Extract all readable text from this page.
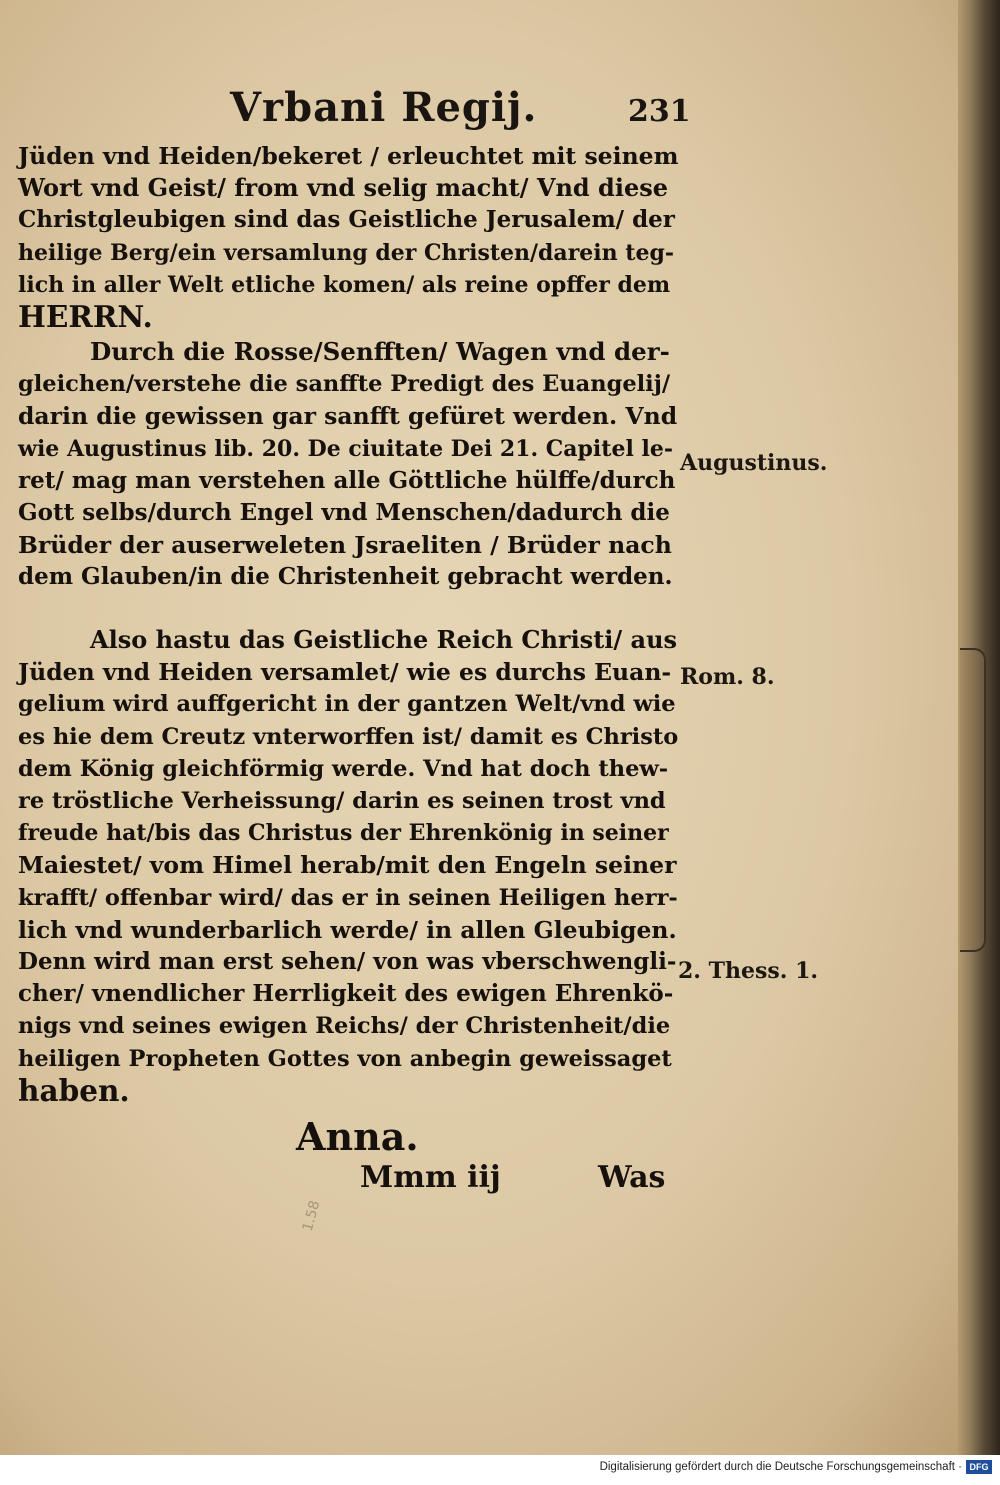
Vrbani Regij.	231
Jüden vnd Heiden/bekeret / erleuchtet mit seinem
Wort vnd Geist/ from vnd selig macht/ Vnd diese
Christgleubigen sind das Geistliche Jerusalem/ der
heilige Berg/ein versamlung der Christen/darein teg-
lich in aller Welt etliche komen/ als reine opffer dem
HERRN.
Durch die Rosse/Senfften/ Wagen vnd der-
gleichen/verstehe die sanffte Predigt des Euangelij/
darin die gewissen gar sanfft gefüret werden. Vnd
wie Augustinus lib. 20. De ciuitate Dei 21. Capitel le-
ret/ mag man verstehen alle Göttliche hülffe/durch
Gott selbs/durch Engel vnd Menschen/dadurch die
Brüder der auserweleten Jsraeliten / Brüder nach
dem Glauben/in die Christenheit gebracht werden.
Also hastu das Geistliche Reich Christi/ aus
Jüden vnd Heiden versamlet/ wie es durchs Euan-
gelium wird auffgericht in der gantzen Welt/vnd wie
es hie dem Creutz vnterworffen ist/ damit es Christo
dem König gleichförmig werde. Vnd hat doch thew-
re tröstliche Verheissung/ darin es seinen trost vnd
freude hat/bis das Christus der Ehrenkönig in seiner
Maiestet/ vom Himel herab/mit den Engeln seiner
krafft/ offenbar wird/ das er in seinen Heiligen herr-
lich vnd wunderbarlich werde/ in allen Gleubigen.
Denn wird man erst sehen/ von was vberschwengli-
cher/ vnendlicher Herrligkeit des ewigen Ehrenkö-
nigs vnd seines ewigen Reichs/ der Christenheit/die
heiligen Propheten Gottes von anbegin geweissaget
haben.
Augustinus.
Rom. 8.
2. Thess. 1.
Anna.
Mmm iij	Was
1.58
Digitalisierung gefördert durch die Deutsche Forschungsgemeinschaft · DFG
